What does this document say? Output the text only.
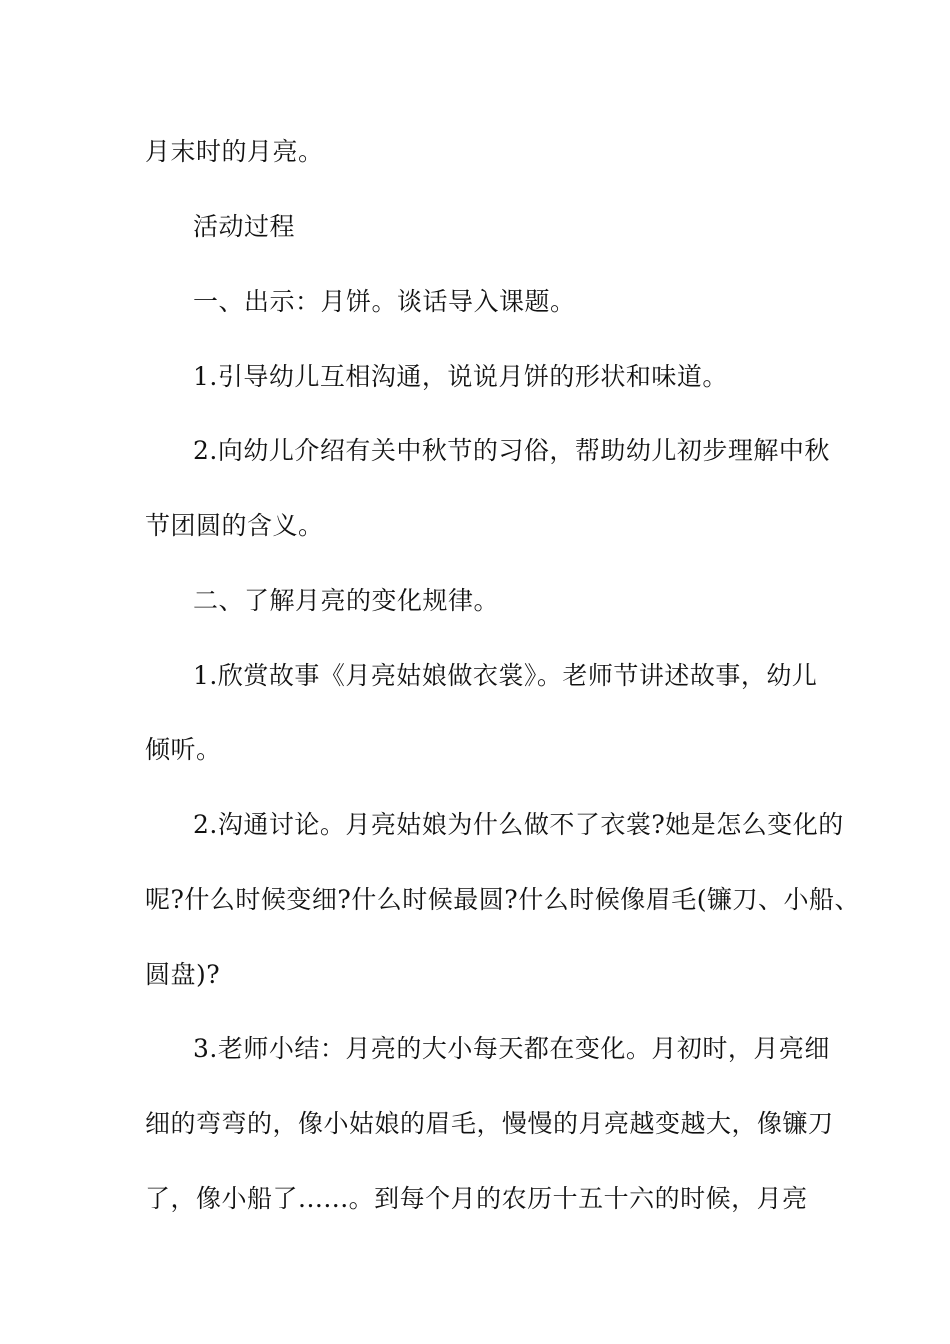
月末时的月亮。
活动过程
一、出示：月饼。谈话导入课题。
1.引导幼儿互相沟通，说说月饼的形状和味道。
2.向幼儿介绍有关中秋节的习俗，帮助幼儿初步理解中秋
节团圆的含义。
二、了解月亮的变化规律。
1.欣赏故事《月亮姑娘做衣裳》。老师节讲述故事，幼儿
倾听。
2.沟通讨论。月亮姑娘为什么做不了衣裳?她是怎么变化的
呢?什么时候变细?什么时候最圆?什么时候像眉毛(镰刀、小船、
圆盘)?
3.老师小结：月亮的大小每天都在变化。月初时，月亮细
细的弯弯的，像小姑娘的眉毛，慢慢的月亮越变越大，像镰刀
了，像小船了......。到每个月的农历十五十六的时候，月亮
